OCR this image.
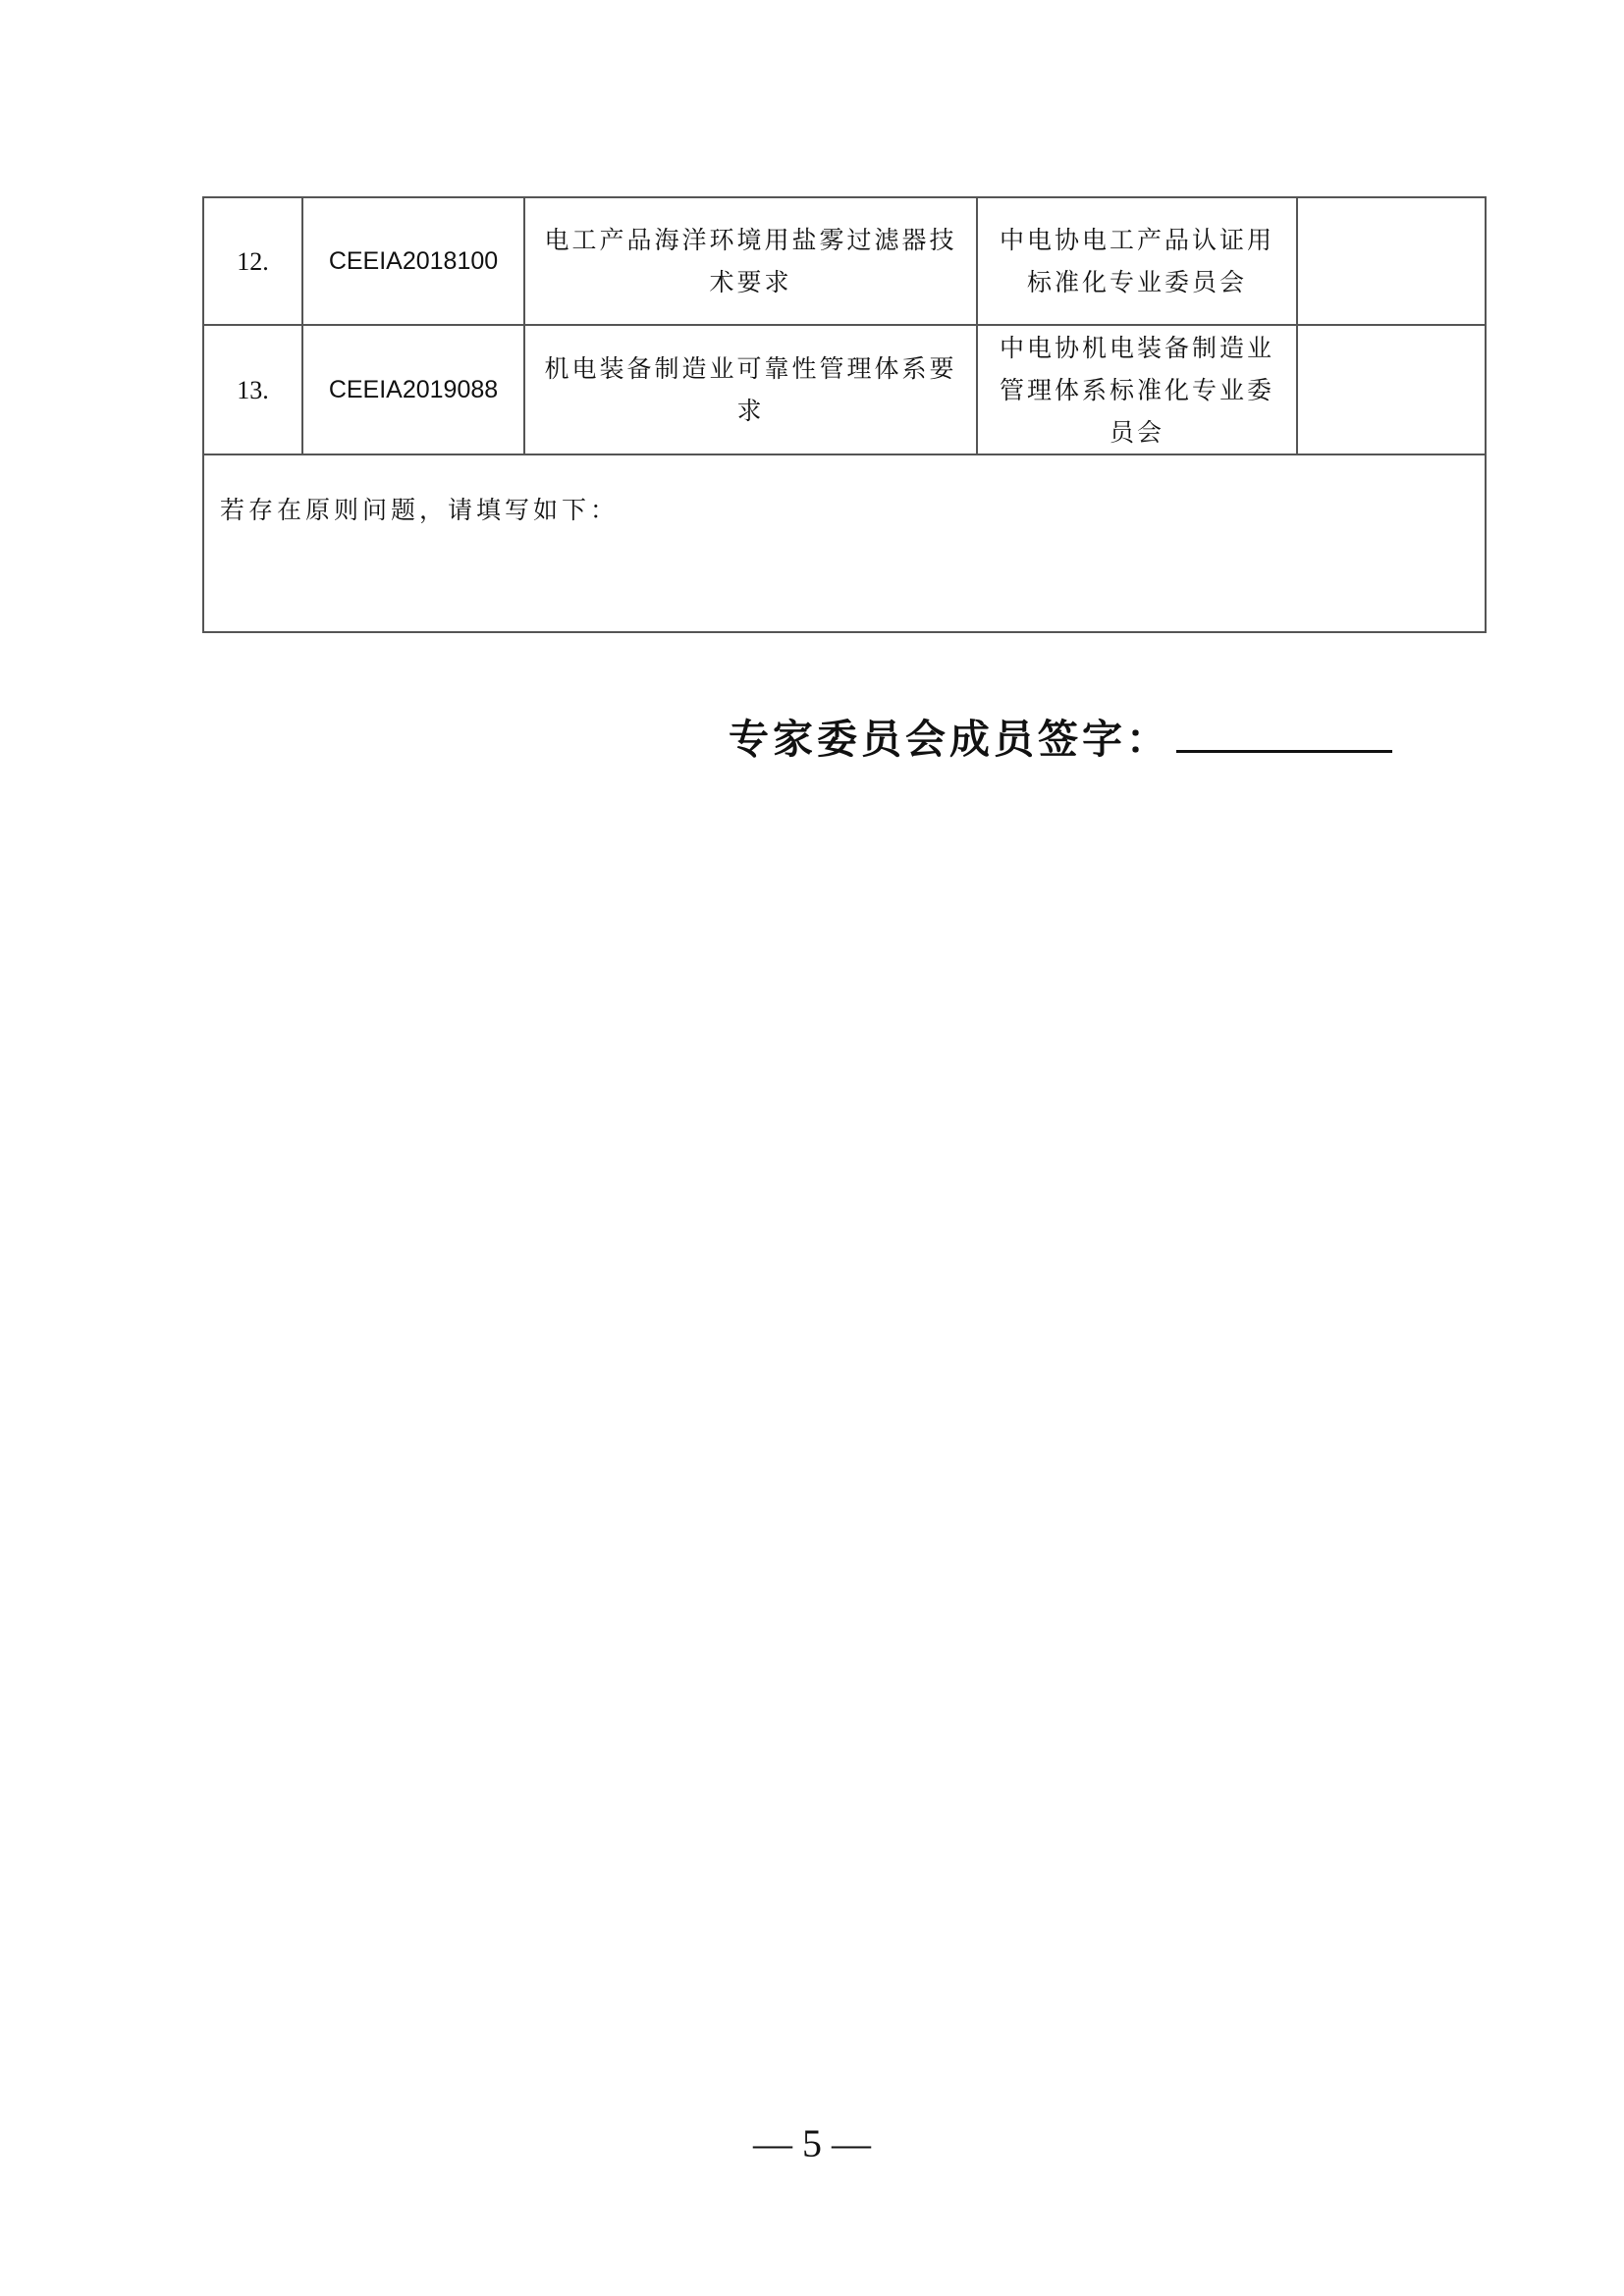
12.	CEEIA2018100	电工产品海洋环境用盐雾过滤器技术要求	中电协电工产品认证用标准化专业委员会	
13.	CEEIA2019088	机电装备制造业可靠性管理体系要求	中电协机电装备制造业管理体系标准化专业委员会	
若存在原则问题，请填写如下：				
专家委员会成员签字：
— 5 —
